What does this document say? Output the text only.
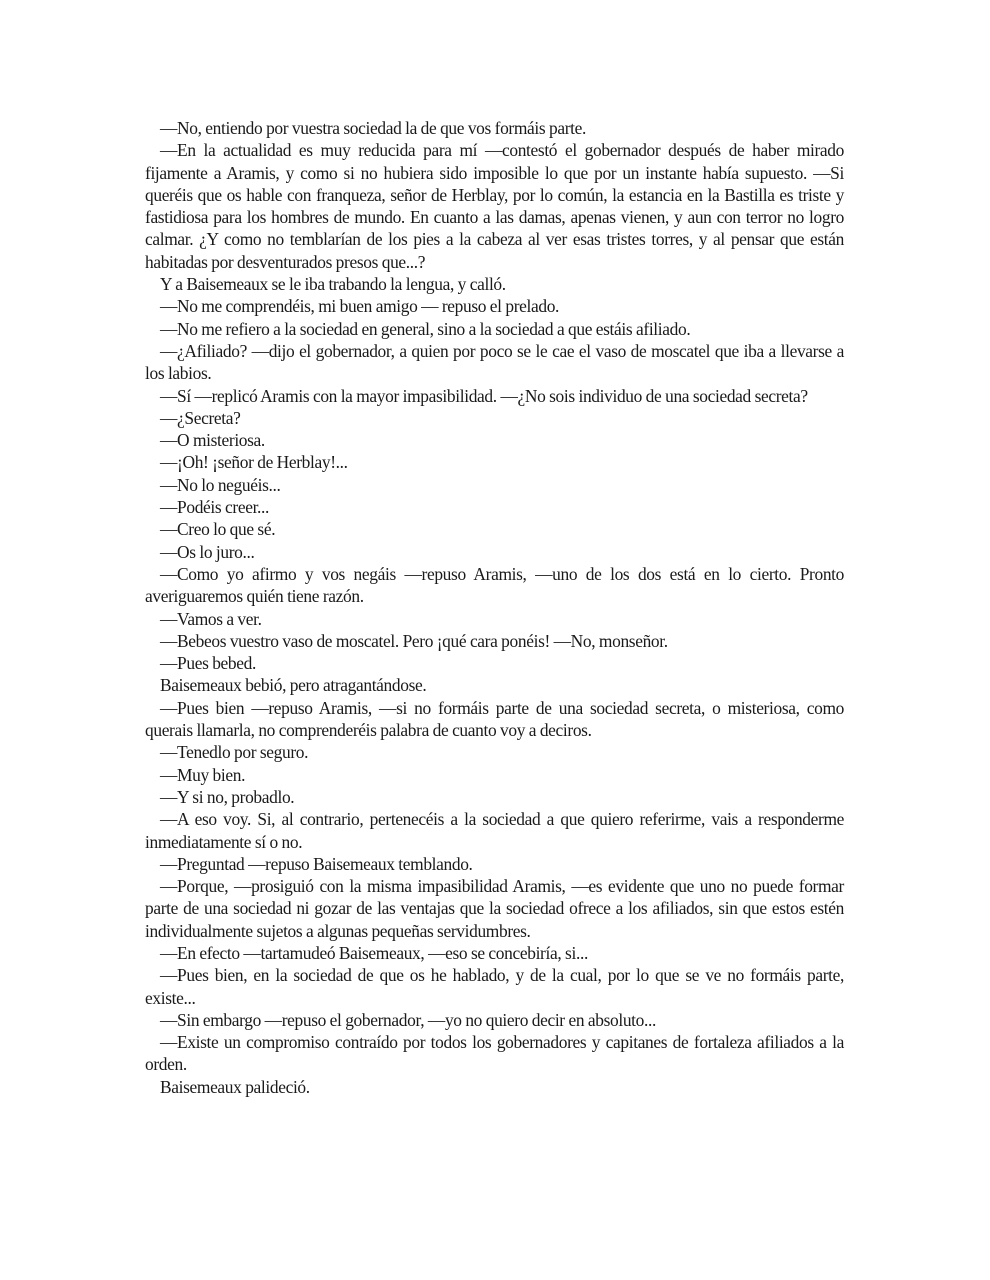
—No, entiendo por vuestra sociedad la de que vos formáis parte.

—En la actualidad es muy reducida para mí —contestó el gobernador después de haber mirado fijamente a Aramis, y como si no hubiera sido imposible lo que por un instante había supuesto. —Si queréis que os hable con franqueza, señor de Herblay, por lo común, la estancia en la Bastilla es triste y fastidiosa para los hombres de mundo. En cuanto a las damas, apenas vienen, y aun con terror no logro calmar. ¿Y como no temblarían de los pies a la cabeza al ver esas tristes torres, y al pensar que están habitadas por desventurados presos que...?

Y a Baisemeaux se le iba trabando la lengua, y calló.

—No me comprendéis, mi buen amigo — repuso el prelado.

—No me refiero a la sociedad en general, sino a la sociedad a que estáis afiliado.

—¿Afiliado? —dijo el gobernador, a quien por poco se le cae el vaso de moscatel que iba a llevarse a los labios.

—Sí —replicó Aramis con la mayor impasibilidad. —¿No sois individuo de una sociedad secreta?

—¿Secreta?

—O misteriosa.

—¡Oh! ¡señor de Herblay!...

—No lo neguéis...

—Podéis creer...

—Creo lo que sé.

—Os lo juro...

—Como yo afirmo y vos negáis —repuso Aramis, —uno de los dos está en lo cierto. Pronto averiguaremos quién tiene razón.

—Vamos a ver.

—Bebeos vuestro vaso de moscatel. Pero ¡qué cara ponéis! —No, monseñor.

—Pues bebed.

Baisemeaux bebió, pero atragantándose.

—Pues bien —repuso Aramis, —si no formáis parte de una sociedad secreta, o misteriosa, como querais llamarla, no comprenderéis palabra de cuanto voy a deciros.

—Tenedlo por seguro.

—Muy bien.

—Y si no, probadlo.

—A eso voy. Si, al contrario, pertenecéis a la sociedad a que quiero referirme, vais a responderme inmediatamente sí o no.

—Preguntad —repuso Baisemeaux temblando.

—Porque, —prosiguió con la misma impasibilidad Aramis, —es evidente que uno no puede formar parte de una sociedad ni gozar de las ventajas que la sociedad ofrece a los afiliados, sin que estos estén individualmente sujetos a algunas pequeñas servidumbres.

—En efecto —tartamudeó Baisemeaux, —eso se concebiría, si...

—Pues bien, en la sociedad de que os he hablado, y de la cual, por lo que se ve no formáis parte, existe...

—Sin embargo —repuso el gobernador, —yo no quiero decir en absoluto...

—Existe un compromiso contraído por todos los gobernadores y capitanes de fortaleza afiliados a la orden.

Baisemeaux palideció.
